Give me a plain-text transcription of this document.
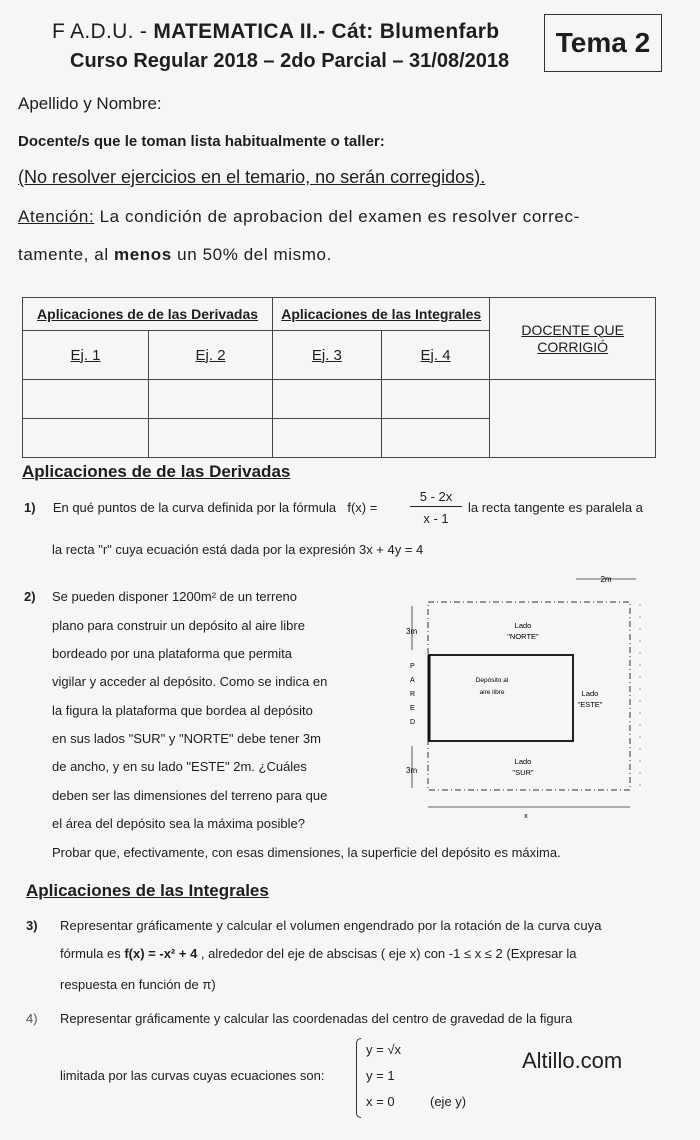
F A.D.U. - MATEMATICA II.- Cát: Blumenfarb
Curso Regular 2018 – 2do Parcial – 31/08/2018
Tema 2
Apellido y Nombre:
Docente/s que le toman lista habitualmente o taller:
(No resolver ejercicios en el temario, no serán corregidos).
Atención: La condición de aprobacion del examen es resolver correc-
tamente, al menos un 50% del mismo.
Aplicaciones de de las Derivadas		Aplicaciones de las Integrales		DOCENTE QUE
CORRIGIÓ
Ej. 1	Ej. 2	Ej. 3	Ej. 4	

Aplicaciones de de las Derivadas
1) En qué puntos de la curva definida por la fórmula f(x) =	$\frac{5 - 2x}{x - 1}$ la recta tangente es paralela a
la recta "r" cuya ecuación está dada por la expresión 3x + 4y = 4
2) Se pueden disponer 1200m² de un terreno
plano para construir un depósito al aire libre
bordeado por una plataforma que permita
vigilar y acceder al depósito. Como se indica en
la figura la plataforma que bordea al depósito
en sus lados "SUR" y "NORTE" debe tener 3m
de ancho, y en su lado "ESTE" 2m. ¿Cuáles
deben ser las dimensiones del terreno para que
el área del depósito sea la máxima posible?
Probar que, efectivamente, con esas dimensiones, la superficie del depósito es máxima.
2m
3m
3m
P
A
R
E
D
Lado
"NORTE"
Lado
"ESTE"
Lado
"SUR"
Depósito al
aire libre
x
Aplicaciones de las Integrales
3) Representar gráficamente y calcular el volumen engendrado por la rotación de la curva cuya
fórmula es f(x) = -x² + 4 , alrededor del eje de abscisas ( eje x) con -1 ≤ x ≤ 2 (Expresar la
respuesta en función de π)
4) Representar gráficamente y calcular las coordenadas del centro de gravedad de la figura
limitada por las curvas cuyas ecuaciones son:
y = √x
y = 1
x = 0	(eje y)
Altillo.com
